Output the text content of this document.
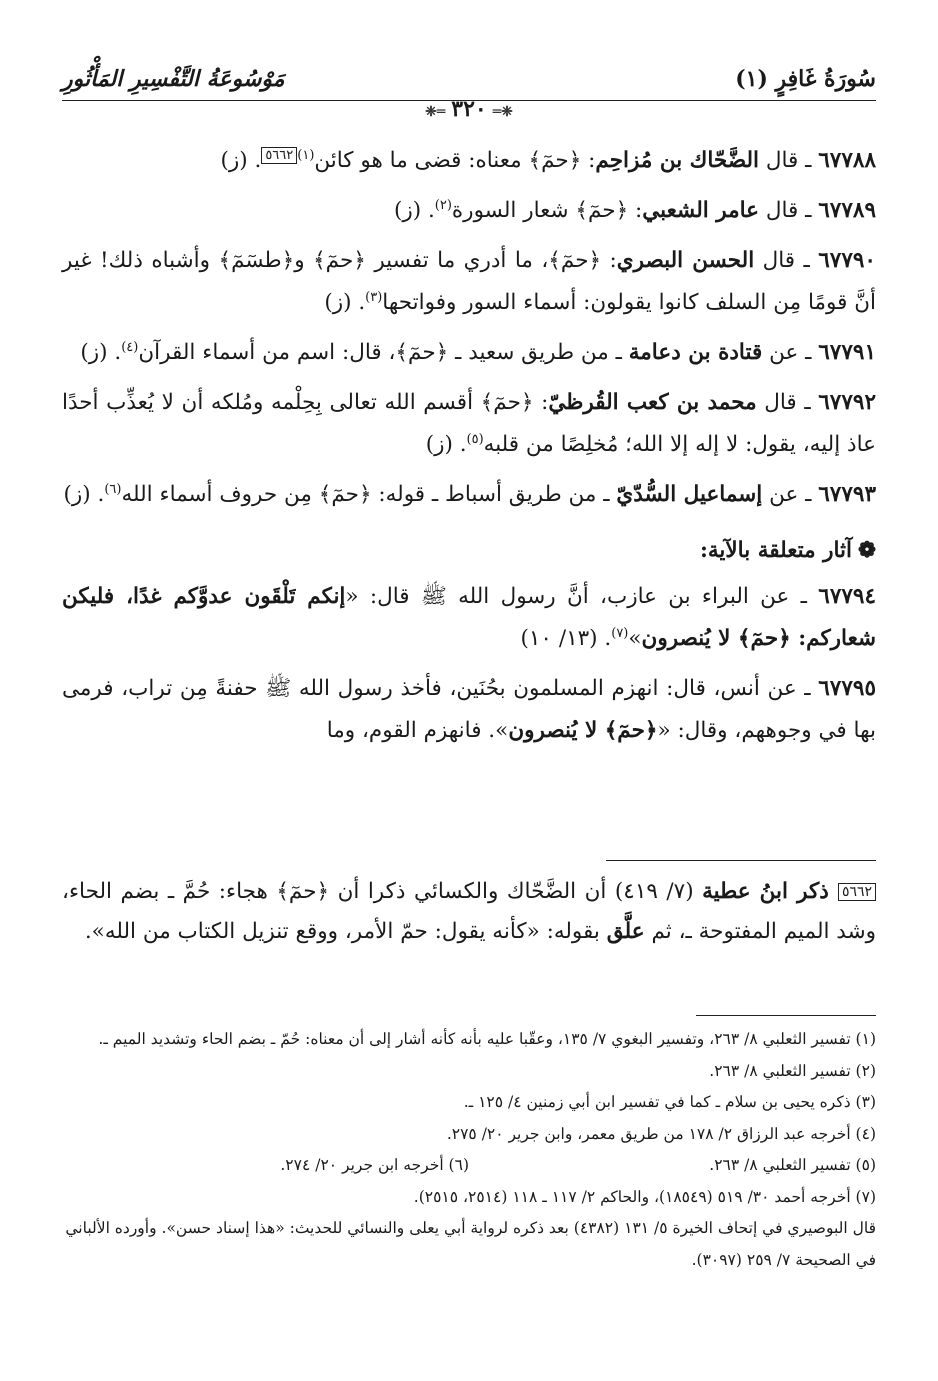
سُورَةُ غَافِرٍ (١)
مَوْسُوعَةُ التَّفْسِيرِ المَأْثُورِ
❈═٣٢٠═❈

٦٧٧٨٨ ـ قال الضَّحّاك بن مُزاحِم: ﴿حمٓ﴾ معناه: قضى ما هو كائن$^{(١)٥٦٦٢}$. (ز)

٦٧٧٨٩ ـ قال عامر الشعبي: ﴿حمٓ﴾ شعار السورة$^{(٢)}$. (ز)

٦٧٧٩٠ ـ قال الحسن البصري: ﴿حمٓ﴾، ما أدري ما تفسير ﴿حمٓ﴾ و﴿طسٓمٓ﴾ وأشباه ذلك! غير أنَّ قومًا مِن السلف كانوا يقولون: أسماء السور وفواتحها$^{(٣)}$. (ز)

٦٧٧٩١ ـ عن قتادة بن دعامة ـ من طريق سعيد ـ ﴿حمٓ﴾، قال: اسم من أسماء القرآن$^{(٤)}$. (ز)

٦٧٧٩٢ ـ قال محمد بن كعب القُرظيّ: ﴿حمٓ﴾ أقسم الله تعالى بِحِلْمه ومُلكه أن لا يُعذِّب أحدًا عاذ إليه، يقول: لا إله إلا الله؛ مُخلِصًا من قلبه$^{(٥)}$. (ز)

٦٧٧٩٣ ـ عن إسماعيل السُّدّيّ ـ من طريق أسباط ـ قوله: ﴿حمٓ﴾ مِن حروف أسماء الله$^{(٦)}$. (ز)

❁آثار متعلقة بالآية:

٦٧٧٩٤ ـ عن البراء بن عازب، أنَّ رسول الله ﷺ قال: «إنكم تَلْقَون عدوَّكم غدًا، فليكن شعاركم: ﴿حمٓ﴾ لا يُنصرون»$^{(٧)}$. (١٣/ ١٠)

٦٧٧٩٥ ـ عن أنس، قال: انهزم المسلمون بحُنَين، فأخذ رسول الله ﷺ حفنةً مِن تراب، فرمى بها في وجوههم، وقال: «﴿حمٓ﴾ لا يُنصرون». فانهزم القوم، وما

٥٦٦٢ ذكر ابنُ عطية (٧/ ٤١٩) أن الضَّحّاك والكسائي ذكرا أن ﴿حمٓ﴾ هجاء: حُمَّ ـ بضم الحاء، وشد الميم المفتوحة ـ، ثم علَّق بقوله: «كأنه يقول: حمّ الأمر، ووقع تنزيل الكتاب من الله».

(١) تفسير الثعلبي ٨/ ٢٦٣، وتفسير البغوي ٧/ ١٣٥، وعقّبا عليه بأنه كأنه أشار إلى أن معناه: حُمّ ـ بضم الحاء وتشديد الميم ـ.

(٢) تفسير الثعلبي ٨/ ٢٦٣.

(٣) ذكره يحيى بن سلام ـ كما في تفسير ابن أبي زمنين ٤/ ١٢٥ ـ.

(٤) أخرجه عبد الرزاق ٢/ ١٧٨ من طريق معمر، وابن جرير ٢٠/ ٢٧٥.

(٥) تفسير الثعلبي ٨/ ٢٦٣.

(٦) أخرجه ابن جرير ٢٠/ ٢٧٤.

(٧) أخرجه أحمد ٣٠/ ٥١٩ (١٨٥٤٩)، والحاكم ٢/ ١١٧ ـ ١١٨ (٢٥١٤، ٢٥١٥).

قال البوصيري في إتحاف الخيرة ٥/ ١٣١ (٤٣٨٢) بعد ذكره لرواية أبي يعلى والنسائي للحديث: «هذا إسناد حسن». وأورده الألباني في الصحيحة ٧/ ٢٥٩ (٣٠٩٧).
